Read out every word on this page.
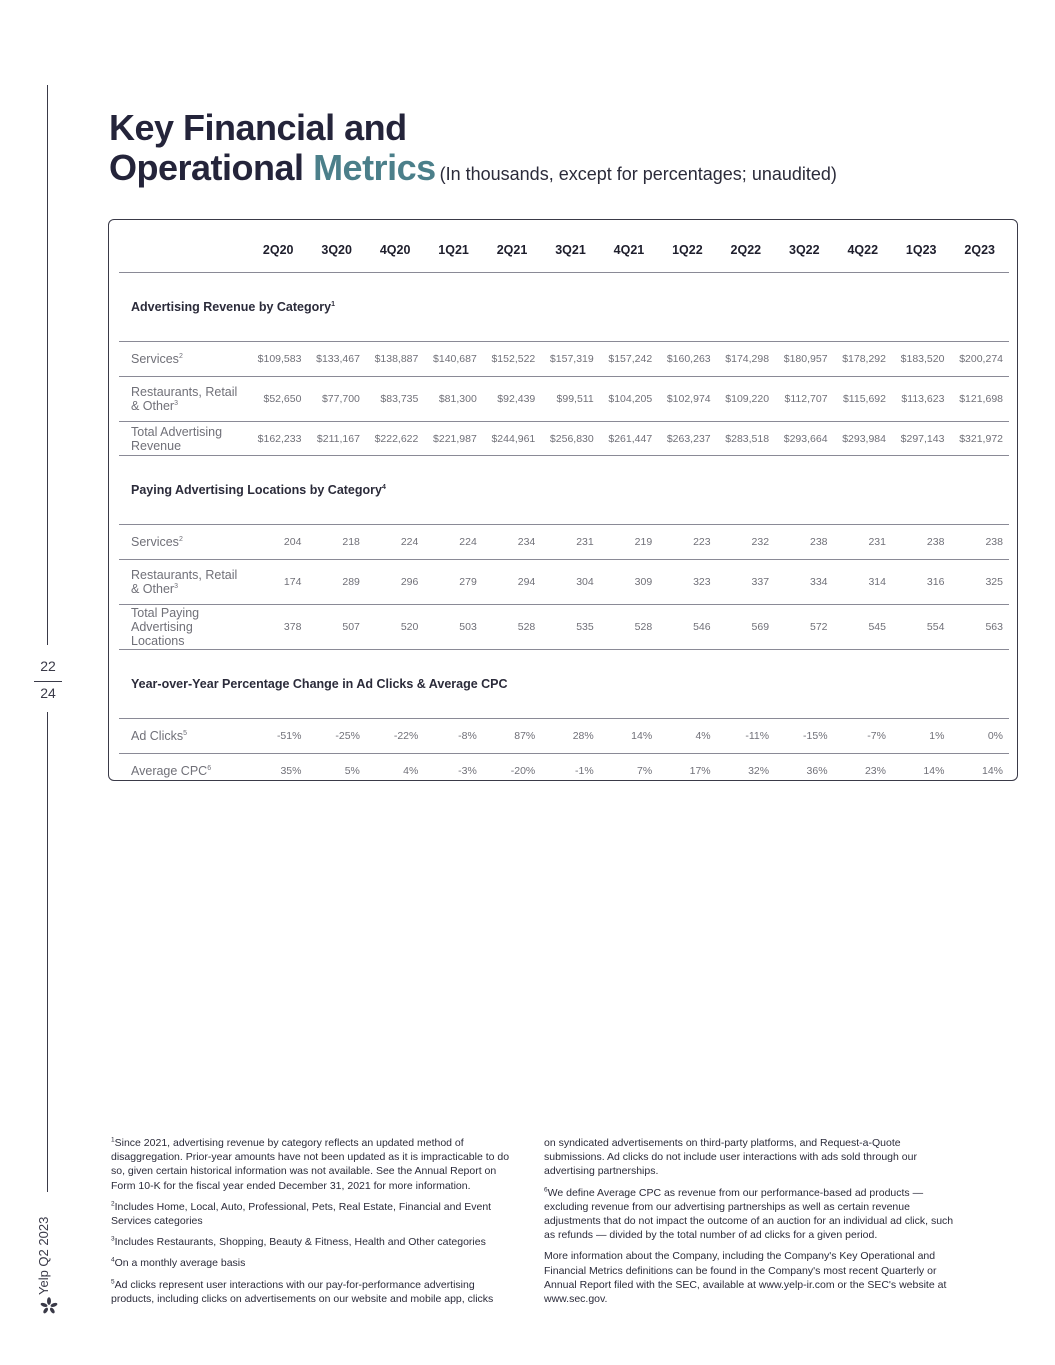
22
24
Yelp Q2 2023
Key Financial and
Operational Metrics (In thousands, except for percentages; unaudited)
	2Q20	3Q20	4Q20	1Q21	2Q21	3Q21	4Q21	1Q22	2Q22	3Q22	4Q22	1Q23	2Q23
Advertising Revenue by Category$^1$
Services$^2$	$109,583	$133,467	$138,887	$140,687	$152,522	$157,319	$157,242	$160,263	$174,298	$180,957	$178,292	$183,520	$200,274
Restaurants, Retail & Other$^3$	$52,650	$77,700	$83,735	$81,300	$92,439	$99,511	$104,205	$102,974	$109,220	$112,707	$115,692	$113,623	$121,698
Total Advertising Revenue	$162,233	$211,167	$222,622	$221,987	$244,961	$256,830	$261,447	$263,237	$283,518	$293,664	$293,984	$297,143	$321,972
Paying Advertising Locations by Category$^4$
Services$^2$	204	218	224	224	234	231	219	223	232	238	231	238	238
Restaurants, Retail & Other$^3$	174	289	296	279	294	304	309	323	337	334	314	316	325
Total Paying Advertising Locations	378	507	520	503	528	535	528	546	569	572	545	554	563
Year-over-Year Percentage Change in Ad Clicks & Average CPC													
Ad Clicks$^5$	-51%	-25%	-22%	-8%	87%	28%	14%	4%	-11%	-15%	-7%	1%	0%
Average CPC$^6$	35%	5%	4%	-3%	-20%	-1%	7%	17%	32%	36%	23%	14%	14%

$^1$Since 2021, advertising revenue by category reflects an updated method of disaggregation. Prior-year amounts have not been updated as it is impracticable to do so, given certain historical information was not available. See the Annual Report on Form 10-K for the fiscal year ended December 31, 2021 for more information.

$^2$Includes Home, Local, Auto, Professional, Pets, Real Estate, Financial and Event Services categories

$^3$Includes Restaurants, Shopping, Beauty & Fitness, Health and Other categories

$^4$On a monthly average basis

$^5$Ad clicks represent user interactions with our pay-for-performance advertising products, including clicks on advertisements on our website and mobile app, clicks

on syndicated advertisements on third-party platforms, and Request-a-Quote submissions. Ad clicks do not include user interactions with ads sold through our advertising partnerships.

$^6$We define Average CPC as revenue from our performance-based ad products — excluding revenue from our advertising partnerships as well as certain revenue adjustments that do not impact the outcome of an auction for an individual ad click, such as refunds — divided by the total number of ad clicks for a given period.

More information about the Company, including the Company's Key Operational and Financial Metrics definitions can be found in the Company's most recent Quarterly or Annual Report filed with the SEC, available at www.yelp-ir.com or the SEC's website at www.sec.gov.
